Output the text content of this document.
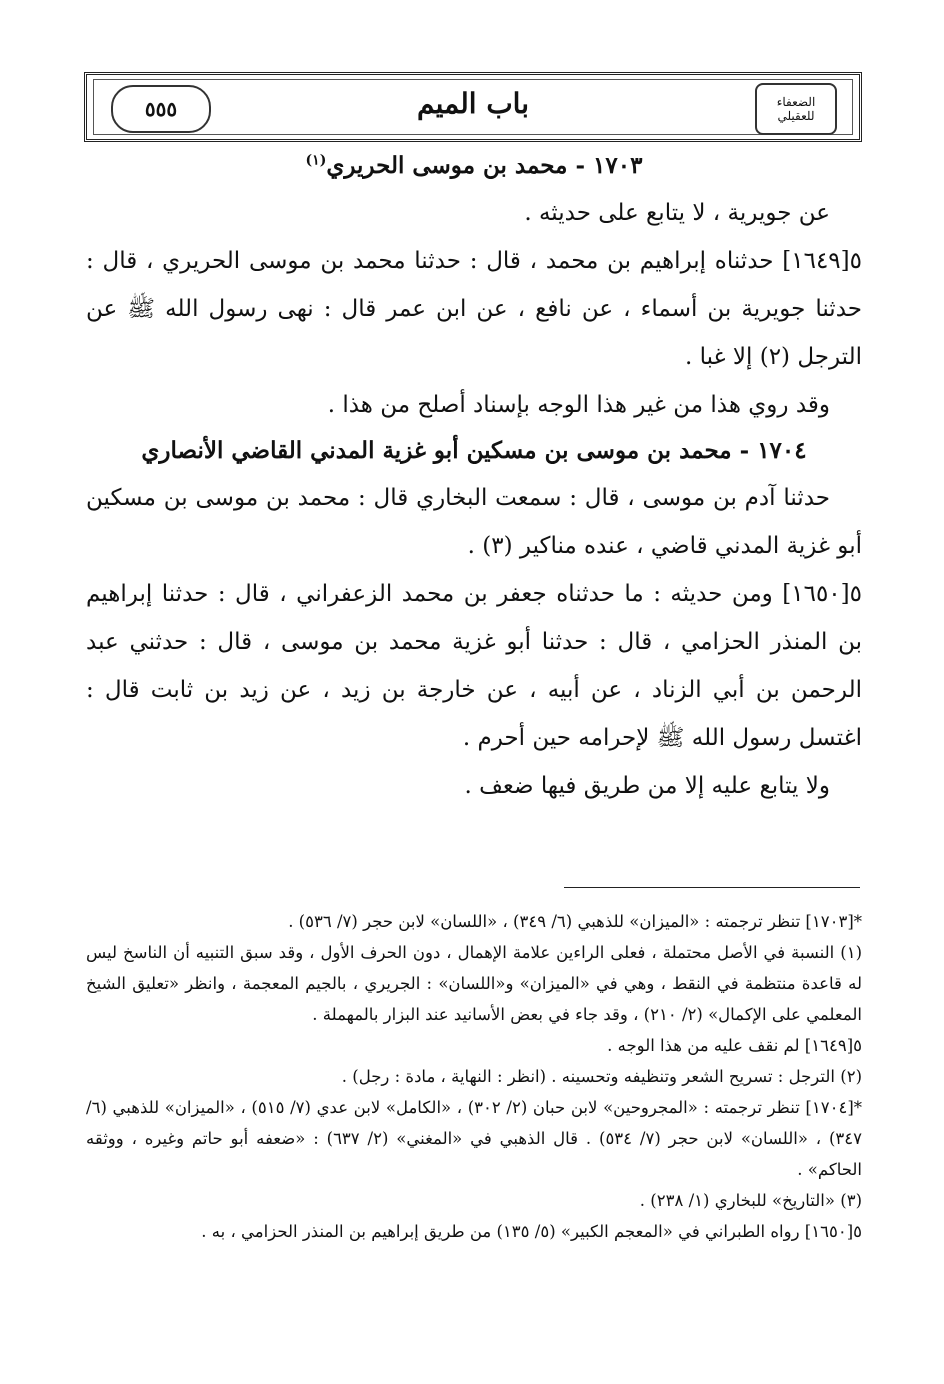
٥٥٥	باب الميم	الضعفاء للعقيلي
١٧٠٣ - محمد بن موسى الحريري$^{(١)}$

عن جويرية ، لا يتابع على حديثه .

٥[١٦٤٩] حدثناه إبراهيم بن محمد ، قال : حدثنا محمد بن موسى الحريري ، قال : حدثنا جويرية بن أسماء ، عن نافع ، عن ابن عمر قال : نهى رسول الله ﷺ عن الترجل (٢) إلا غبا .

وقد روي هذا من غير هذا الوجه بإسناد أصلح من هذا .

١٧٠٤ - محمد بن موسى بن مسكين أبو غزية المدني القاضي الأنصاري

حدثنا آدم بن موسى ، قال : سمعت البخاري قال : محمد بن موسى بن مسكين أبو غزية المدني قاضي ، عنده مناكير (٣) .

٥[١٦٥٠] ومن حديثه : ما حدثناه جعفر بن محمد الزعفراني ، قال : حدثنا إبراهيم بن المنذر الحزامي ، قال : حدثنا أبو غزية محمد بن موسى ، قال : حدثني عبد الرحمن بن أبي الزناد ، عن أبيه ، عن خارجة بن زيد ، عن زيد بن ثابت قال : اغتسل رسول الله ﷺ لإحرامه حين أحرم .

ولا يتابع عليه إلا من طريق فيها ضعف .

*[١٧٠٣] تنظر ترجمته : «الميزان» للذهبي (٦/ ٣٤٩) ، «اللسان» لابن حجر (٧/ ٥٣٦) .

(١) النسبة في الأصل محتملة ، فعلى الراءين علامة الإهمال ، دون الحرف الأول ، وقد سبق التنبيه أن الناسخ ليس له قاعدة منتظمة في النقط ، وهي في «الميزان» و«اللسان» : الجريري ، بالجيم المعجمة ، وانظر «تعليق الشيخ المعلمي على الإكمال» (٢/ ٢١٠) ، وقد جاء في بعض الأسانيد عند البزار بالمهملة .

٥[١٦٤٩] لم نقف عليه من هذا الوجه .

(٢) الترجل : تسريح الشعر وتنظيفه وتحسينه . (انظر : النهاية ، مادة : رجل) .

*[١٧٠٤] تنظر ترجمته : «المجروحين» لابن حبان (٢/ ٣٠٢) ، «الكامل» لابن عدي (٧/ ٥١٥) ، «الميزان» للذهبي (٦/ ٣٤٧) ، «اللسان» لابن حجر (٧/ ٥٣٤) . قال الذهبي في «المغني» (٢/ ٦٣٧) : «ضعفه أبو حاتم وغيره ، ووثقه الحاكم» .

(٣) «التاريخ» للبخاري (١/ ٢٣٨) .

٥[١٦٥٠] رواه الطبراني في «المعجم الكبير» (٥/ ١٣٥) من طريق إبراهيم بن المنذر الحزامي ، به .
